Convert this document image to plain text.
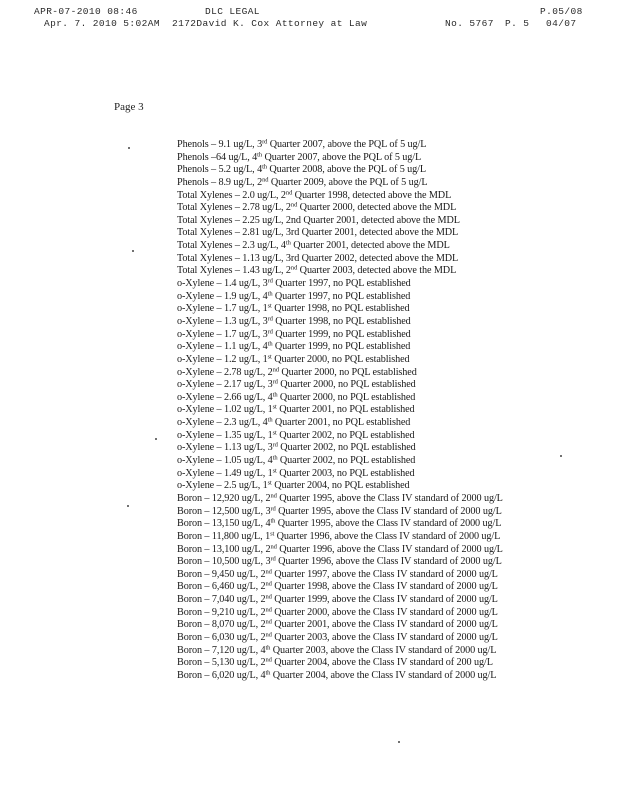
APR-07-2010 08:46	DLC LEGAL	P.05/08
Apr. 7. 2010 5:02AM 2172David K. Cox Attorney at Law	No. 5767 P. 5 04/07
Page 3
Phenols – 9.1 ug/L, 3rd Quarter 2007, above the PQL of 5 ug/L
Phenols –64 ug/L, 4th Quarter 2007, above the PQL of 5 ug/L
Phenols – 5.2 ug/L, 4th Quarter 2008, above the PQL of 5 ug/L
Phenols – 8.9 ug/L, 2nd Quarter 2009, above the PQL of 5 ug/L
Total Xylenes – 2.0 ug/L, 2nd Quarter 1998, detected above the MDL
Total Xylenes – 2.78 ug/L, 2nd Quarter 2000, detected above the MDL
Total Xylenes – 2.25 ug/L, 2nd Quarter 2001, detected above the MDL
Total Xylenes – 2.81 ug/L, 3rd Quarter 2001, detected above the MDL
Total Xylenes – 2.3 ug/L, 4th Quarter 2001, detected above the MDL
Total Xylenes – 1.13 ug/L, 3rd Quarter 2002, detected above the MDL
Total Xylenes – 1.43 ug/L, 2nd Quarter 2003, detected above the MDL
o-Xylene – 1.4 ug/L, 3rd Quarter 1997, no PQL established
o-Xylene – 1.9 ug/L, 4th Quarter 1997, no PQL established
o-Xylene – 1.7 ug/L, 1st Quarter 1998, no PQL established
o-Xylene – 1.3 ug/L, 3rd Quarter 1998, no PQL established
o-Xylene – 1.7 ug/L, 3rd Quarter 1999, no PQL established
o-Xylene – 1.1 ug/L, 4th Quarter 1999, no PQL established
o-Xylene – 1.2 ug/L, 1st Quarter 2000, no PQL established
o-Xylene – 2.78 ug/L, 2nd Quarter 2000, no PQL established
o-Xylene – 2.17 ug/L, 3rd Quarter 2000, no PQL established
o-Xylene – 2.66 ug/L, 4th Quarter 2000, no PQL established
o-Xylene – 1.02 ug/L, 1st Quarter 2001, no PQL established
o-Xylene – 2.3 ug/L, 4th Quarter 2001, no PQL established
o-Xylene – 1.35 ug/L, 1st Quarter 2002, no PQL established
o-Xylene – 1.13 ug/L, 3rd Quarter 2002, no PQL established
o-Xylene – 1.05 ug/L, 4th Quarter 2002, no PQL established
o-Xylene – 1.49 ug/L, 1st Quarter 2003, no PQL established
o-Xylene – 2.5 ug/L, 1st Quarter 2004, no PQL established
Boron – 12,920 ug/L, 2nd Quarter 1995, above the Class IV standard of 2000 ug/L
Boron – 12,500 ug/L, 3rd Quarter 1995, above the Class IV standard of 2000 ug/L
Boron – 13,150 ug/L, 4th Quarter 1995, above the Class IV standard of 2000 ug/L
Boron – 11,800 ug/L, 1st Quarter 1996, above the Class IV standard of 2000 ug/L
Boron – 13,100 ug/L, 2nd Quarter 1996, above the Class IV standard of 2000 ug/L
Boron – 10,500 ug/L, 3rd Quarter 1996, above the Class IV standard of 2000 ug/L
Boron – 9,450 ug/L, 2nd Quarter 1997, above the Class IV standard of 2000 ug/L
Boron – 6,460 ug/L, 2nd Quarter 1998, above the Class IV standard of 2000 ug/L
Boron – 7,040 ug/L, 2nd Quarter 1999, above the Class IV standard of 2000 ug/L
Boron – 9,210 ug/L, 2nd Quarter 2000, above the Class IV standard of 2000 ug/L
Boron – 8,070 ug/L, 2nd Quarter 2001, above the Class IV standard of 2000 ug/L
Boron – 6,030 ug/L, 2nd Quarter 2003, above the Class IV standard of 2000 ug/L
Boron – 7,120 ug/L, 4th Quarter 2003, above the Class IV standard of 2000 ug/L
Boron – 5,130 ug/L, 2nd Quarter 2004, above the Class IV standard of 200 ug/L
Boron – 6,020 ug/L, 4th Quarter 2004, above the Class IV standard of 2000 ug/L
